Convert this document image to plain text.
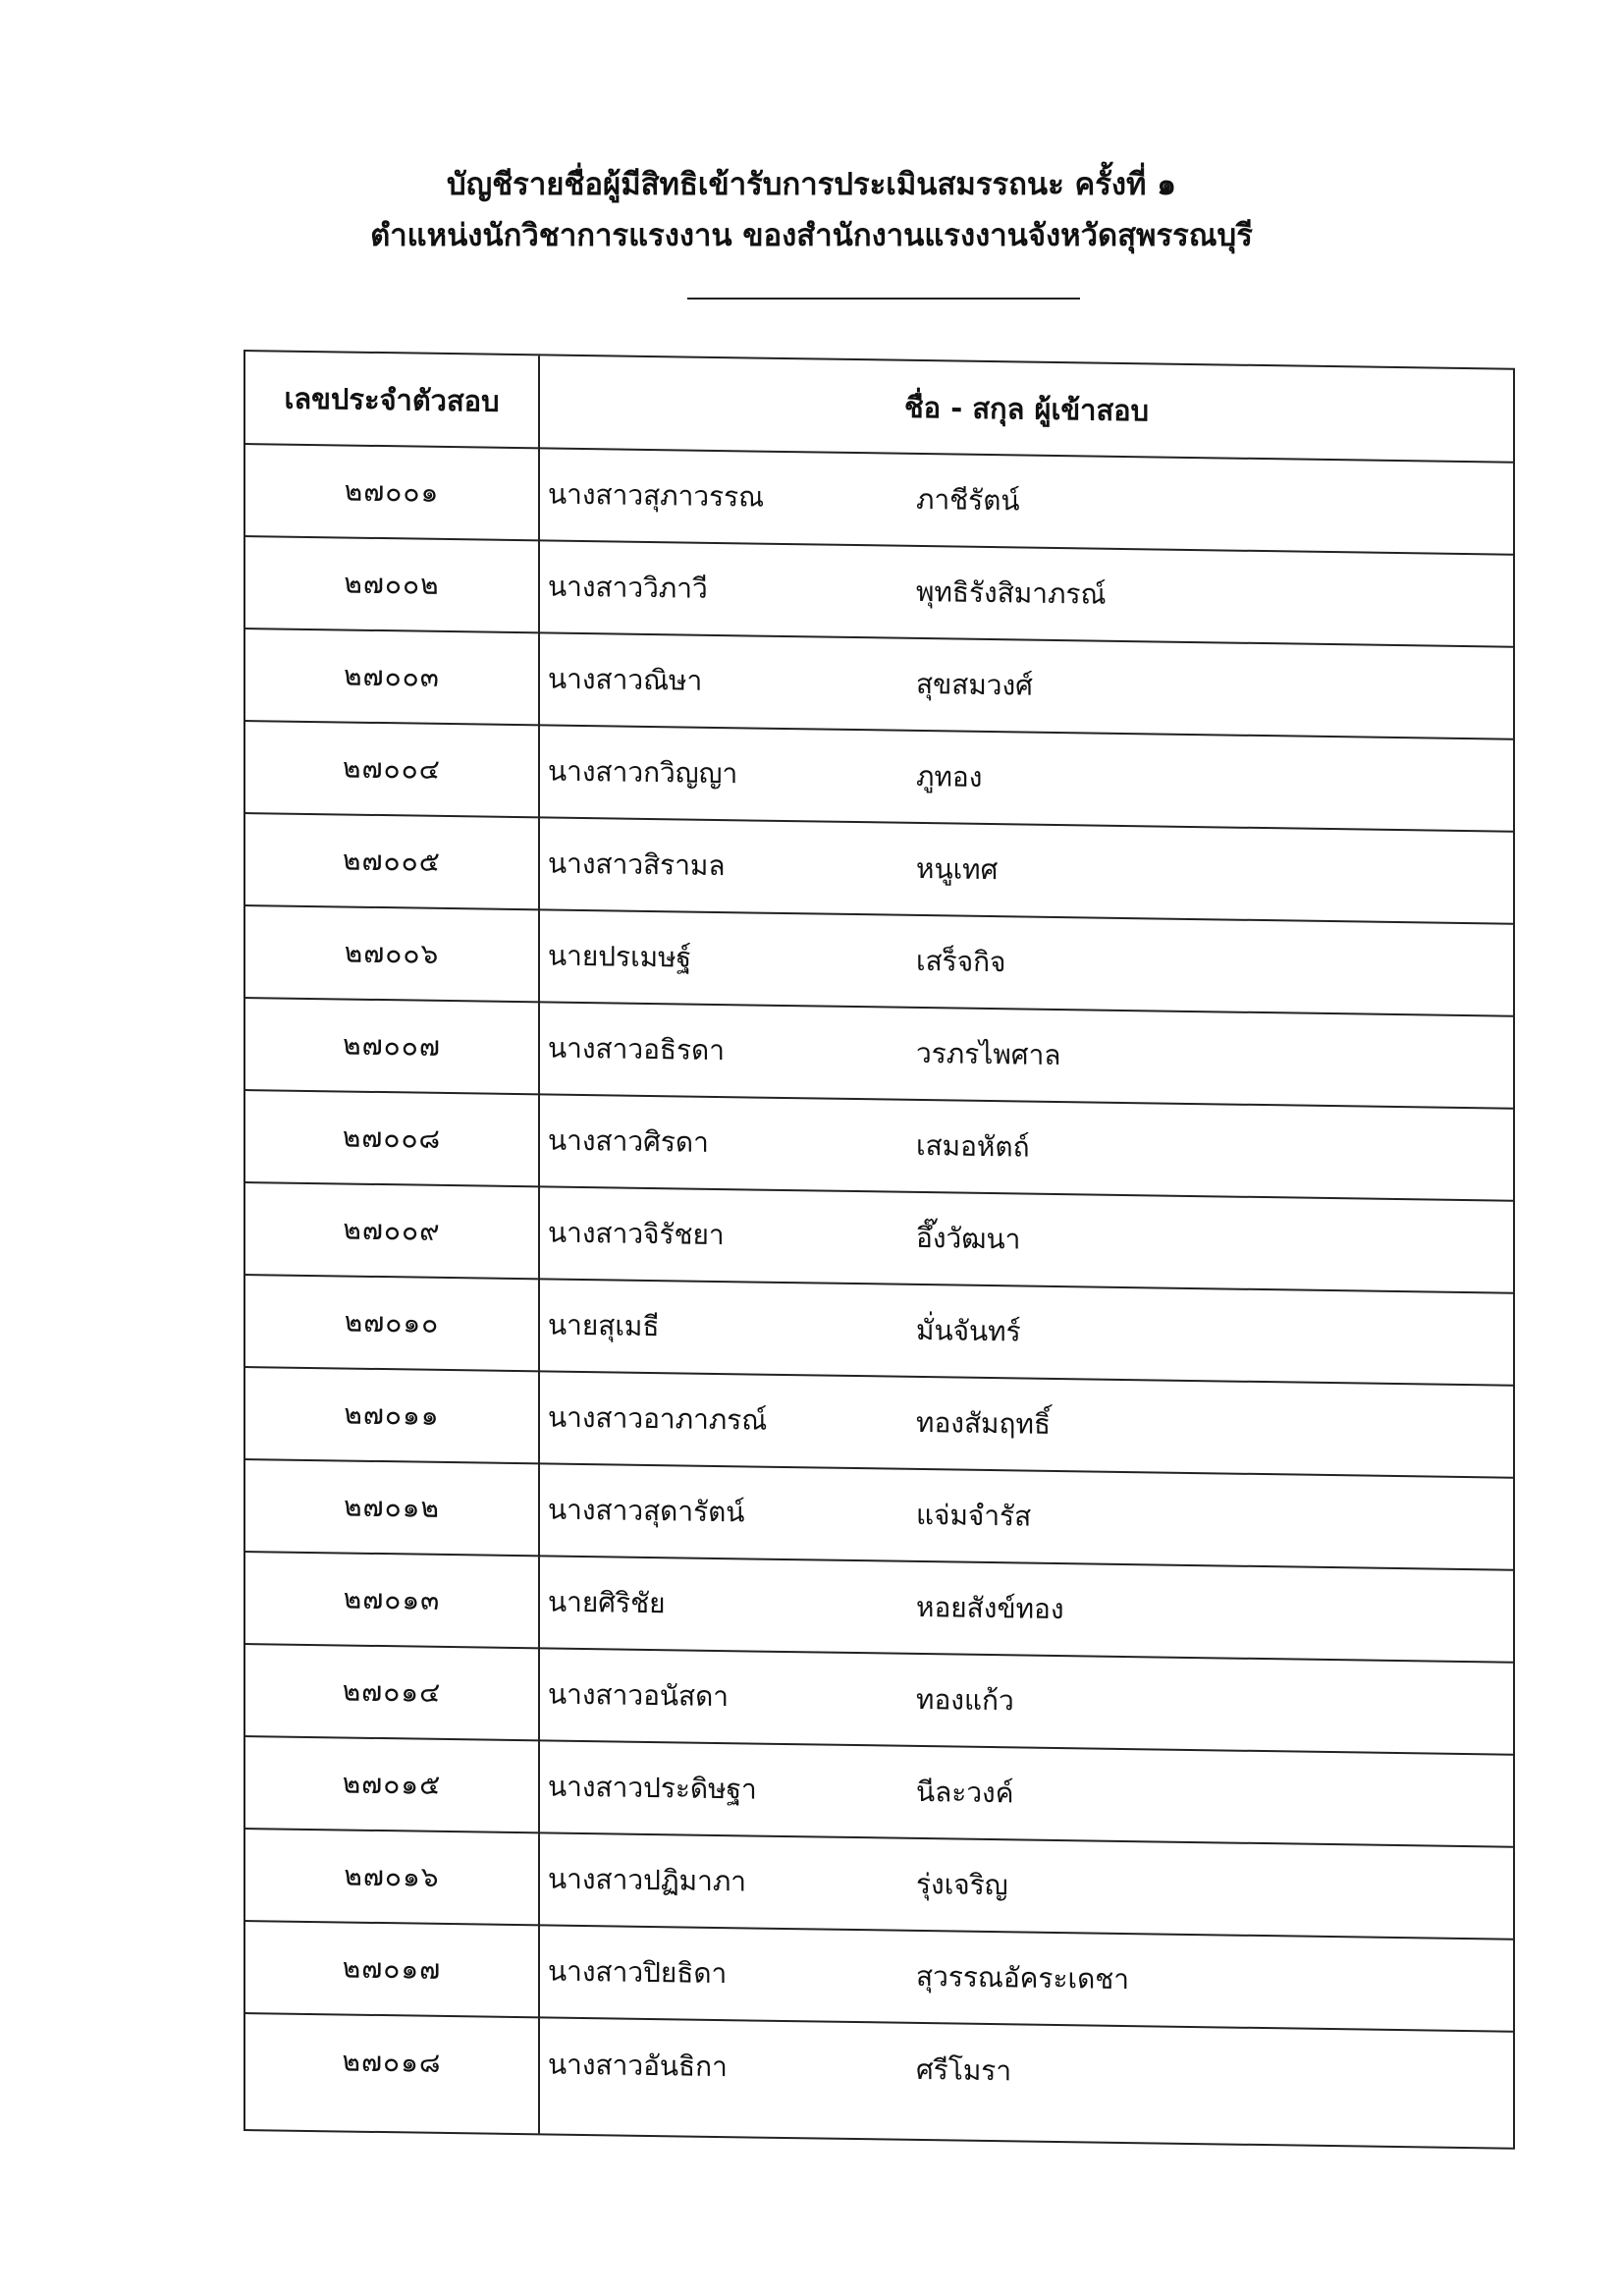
บัญชีรายชื่อผู้มีสิทธิเข้ารับการประเมินสมรรถนะ ครั้งที่ ๑
ตำแหน่งนักวิชาการแรงงาน ของสำนักงานแรงงานจังหวัดสุพรรณบุรี
เลขประจำตัวสอบ	ชื่อ - สกุล ผู้เข้าสอบ
๒๗๐๐๑	นางสาวสุภาวรรณ	ภาชีรัตน์
๒๗๐๐๒	นางสาววิภาวี	พุทธิรังสิมาภรณ์
๒๗๐๐๓	นางสาวณิษา	สุขสมวงศ์
๒๗๐๐๔	นางสาวกวิญญา	ภูทอง
๒๗๐๐๕	นางสาวสิรามล	หนูเทศ
๒๗๐๐๖	นายปรเมษฐ์	เสร็จกิจ
๒๗๐๐๗	นางสาวอธิรดา	วรภรไพศาล
๒๗๐๐๘	นางสาวศิรดา	เสมอหัตถ์
๒๗๐๐๙	นางสาวจิรัชยา	อึ๊งวัฒนา
๒๗๐๑๐	นายสุเมธี	มั่นจันทร์
๒๗๐๑๑	นางสาวอาภาภรณ์	ทองสัมฤทธิ์
๒๗๐๑๒	นางสาวสุดารัตน์	แจ่มจำรัส
๒๗๐๑๓	นายศิริชัย	หอยสังข์ทอง
๒๗๐๑๔	นางสาวอนัสดา	ทองแก้ว
๒๗๐๑๕	นางสาวประดิษฐา	นีละวงค์
๒๗๐๑๖	นางสาวปฏิมาภา	รุ่งเจริญ
๒๗๐๑๗	นางสาวปิยธิดา	สุวรรณอัคระเดชา
๒๗๐๑๘	นางสาวอันธิกา	ศรีโมรา
